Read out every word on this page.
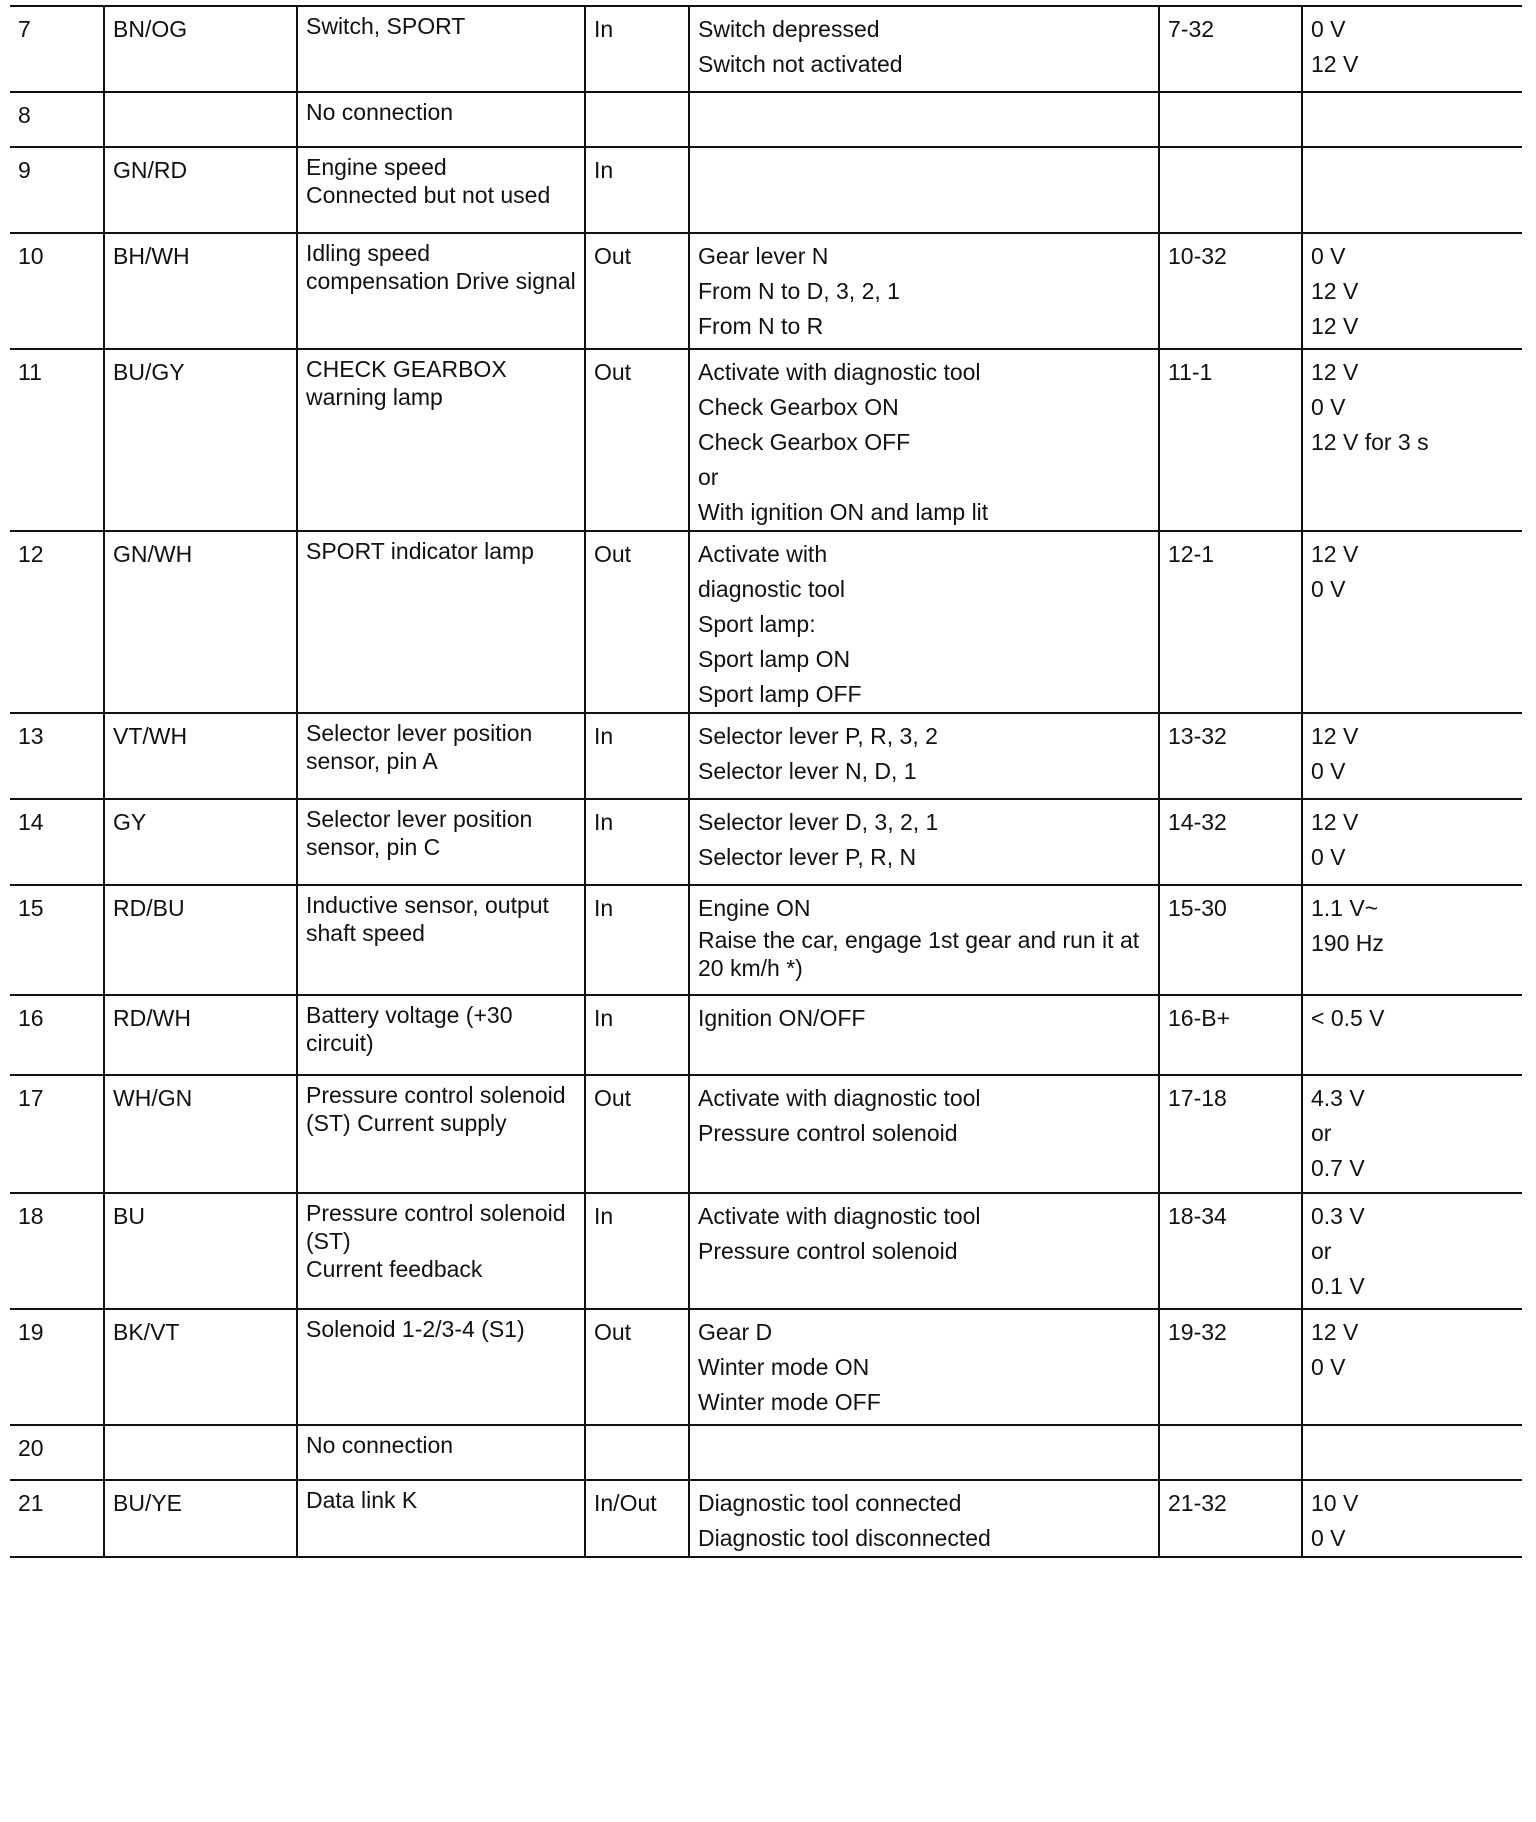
7	BN/OG	Switch, SPORT	In	Switch depressed
Switch not activated	7-32	0 V
12 V

8		No connection				

9	GN/RD	Engine speed
Connected but not used	In			
10	BH/WH	Idling speed compensation Drive signal	Out	Gear lever N
From N to D, 3, 2, 1
From N to R	10-32	0 V
12 V
12 V

11	BU/GY	CHECK GEARBOX warning lamp	Out	Activate with diagnostic tool
Check Gearbox ON
Check Gearbox OFF
or
With ignition ON and lamp lit	11-1	12 V
0 V
12 V for 3 s

12	GN/WH	SPORT indicator lamp	Out	Activate with
diagnostic tool
Sport lamp:
Sport lamp ON
Sport lamp OFF	12-1	12 V
0 V

13	VT/WH	Selector lever position sensor, pin A	In	Selector lever P, R, 3, 2
Selector lever N, D, 1	13-32	12 V
0 V

14	GY	Selector lever position sensor, pin C	In	Selector lever D, 3, 2, 1
Selector lever P, R, N	14-32	12 V
0 V

15	RD/BU	Inductive sensor, output shaft speed	In	Engine ON
Raise the car, engage 1st gear and run it at 20 km/h *)	15-30	1.1 V~
190 Hz

16	RD/WH	Battery voltage (+30 circuit)	In	Ignition ON/OFF	16-B+	< 0.5 V

17	WH/GN	Pressure control solenoid (ST) Current supply	Out	Activate with diagnostic tool
Pressure control solenoid	17-18	4.3 V
or
0.7 V

18	BU	Pressure control solenoid (ST)
Current feedback	In	Activate with diagnostic tool
Pressure control solenoid	18-34	0.3 V
or
0.1 V

19	BK/VT	Solenoid 1-2/3-4 (S1)	Out	Gear D
Winter mode ON
Winter mode OFF	19-32	12 V
0 V

20		No connection				

21	BU/YE	Data link K	In/Out	Diagnostic tool connected
Diagnostic tool disconnected	21-32	10 V
0 V
